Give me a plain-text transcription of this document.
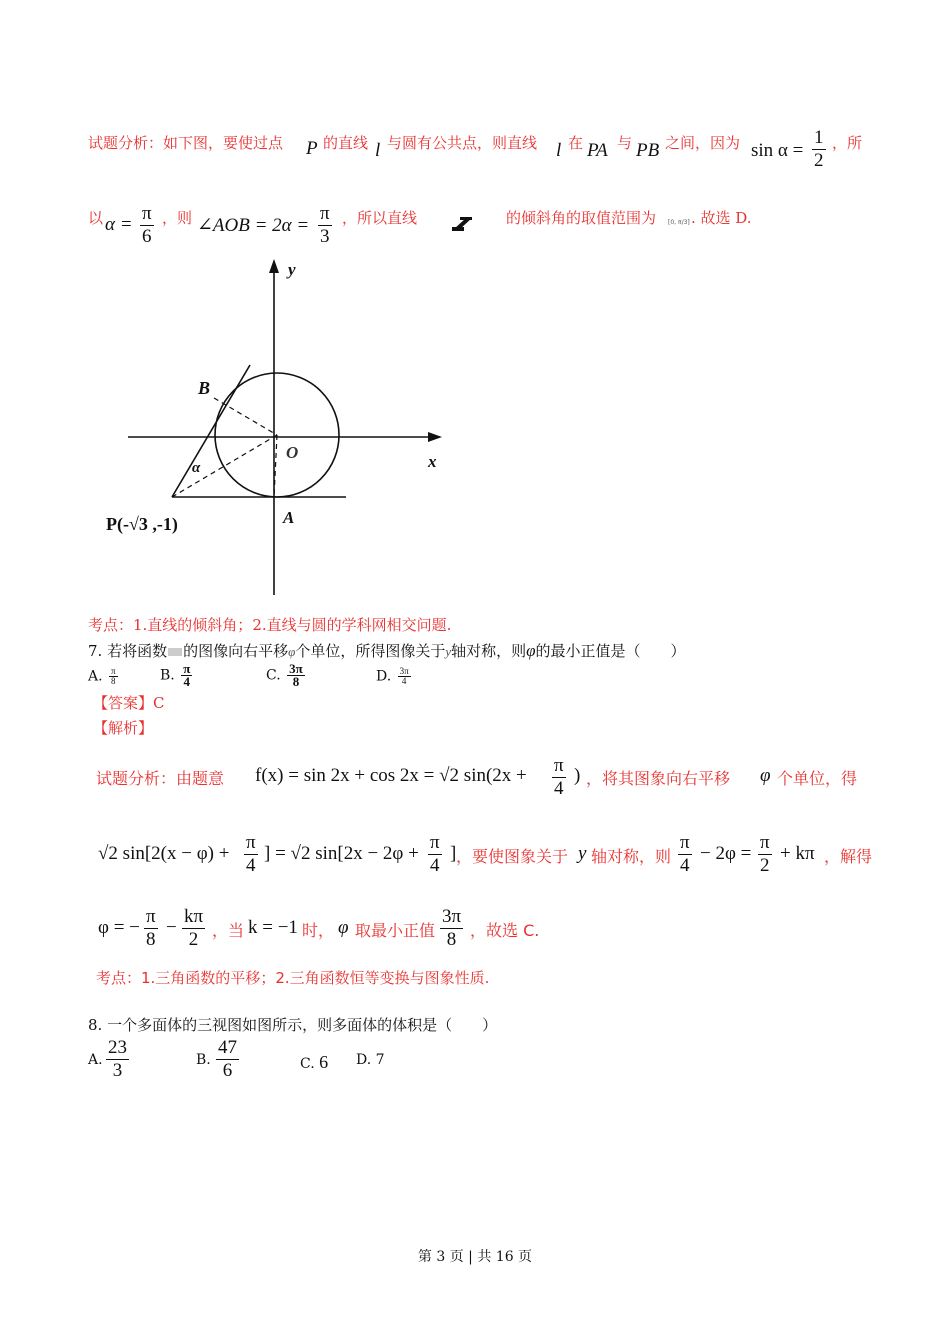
试题分析：如下图，要使过点 P 的直线 l 与圆有公共点，则直线 l 在 PA 与 PB 之间，因为 $\sin \alpha = \frac{1}{2}$ ，所
以 $\alpha = \frac{\pi}{6}$ ，则 ∠AOB = $2\alpha = \frac{\pi}{3}$ ，所以直线	的倾斜角的取值范围为 [0, π/3] . 故选 D.
y
x
B
O
A
α
P(-√3 ,-1)
考点：1.直线的倾斜角；2.直线与圆的学科网相交问题.
7. 若将函数 的图像向右平移φ个单位，所得图像关于y轴对称，则φ的最小正值是（　　）
A. $\frac{\pi}{8}$	B. $\frac{\pi}{4}$	C. $\frac{3\pi}{8}$	D. $\frac{3\pi}{4}$
【答案】C
【解析】
试题分析：由题意 f(x) = sin 2x + cos 2x = √2 $\sin(2x + \frac{\pi}{4}$ ) ，将其图象向右平移 φ 个单位，得
√2 $\sin[2(x - \varphi) + \frac{\pi}{4}$ ] = √2 $\sin[2x - 2\varphi + \frac{\pi}{4}$ ] ，要使图象关于 y 轴对称，则 $\frac{\pi}{4} - 2\varphi = \frac{\pi}{2} + k\pi$ ，解得
φ = − $\frac{\pi}{8} - \frac{k\pi}{2}$ ，当 k = −1 时， φ 取最小正值 $\frac{3\pi}{8}$ ，故选 C.
考点：1.三角函数的平移；2.三角函数恒等变换与图象性质.
8. 一个多面体的三视图如图所示，则多面体的体积是（　　）
A. $\frac{23}{3}$	B. $\frac{47}{6}$	C. 6 D. 7
第 3 页 | 共 16 页
